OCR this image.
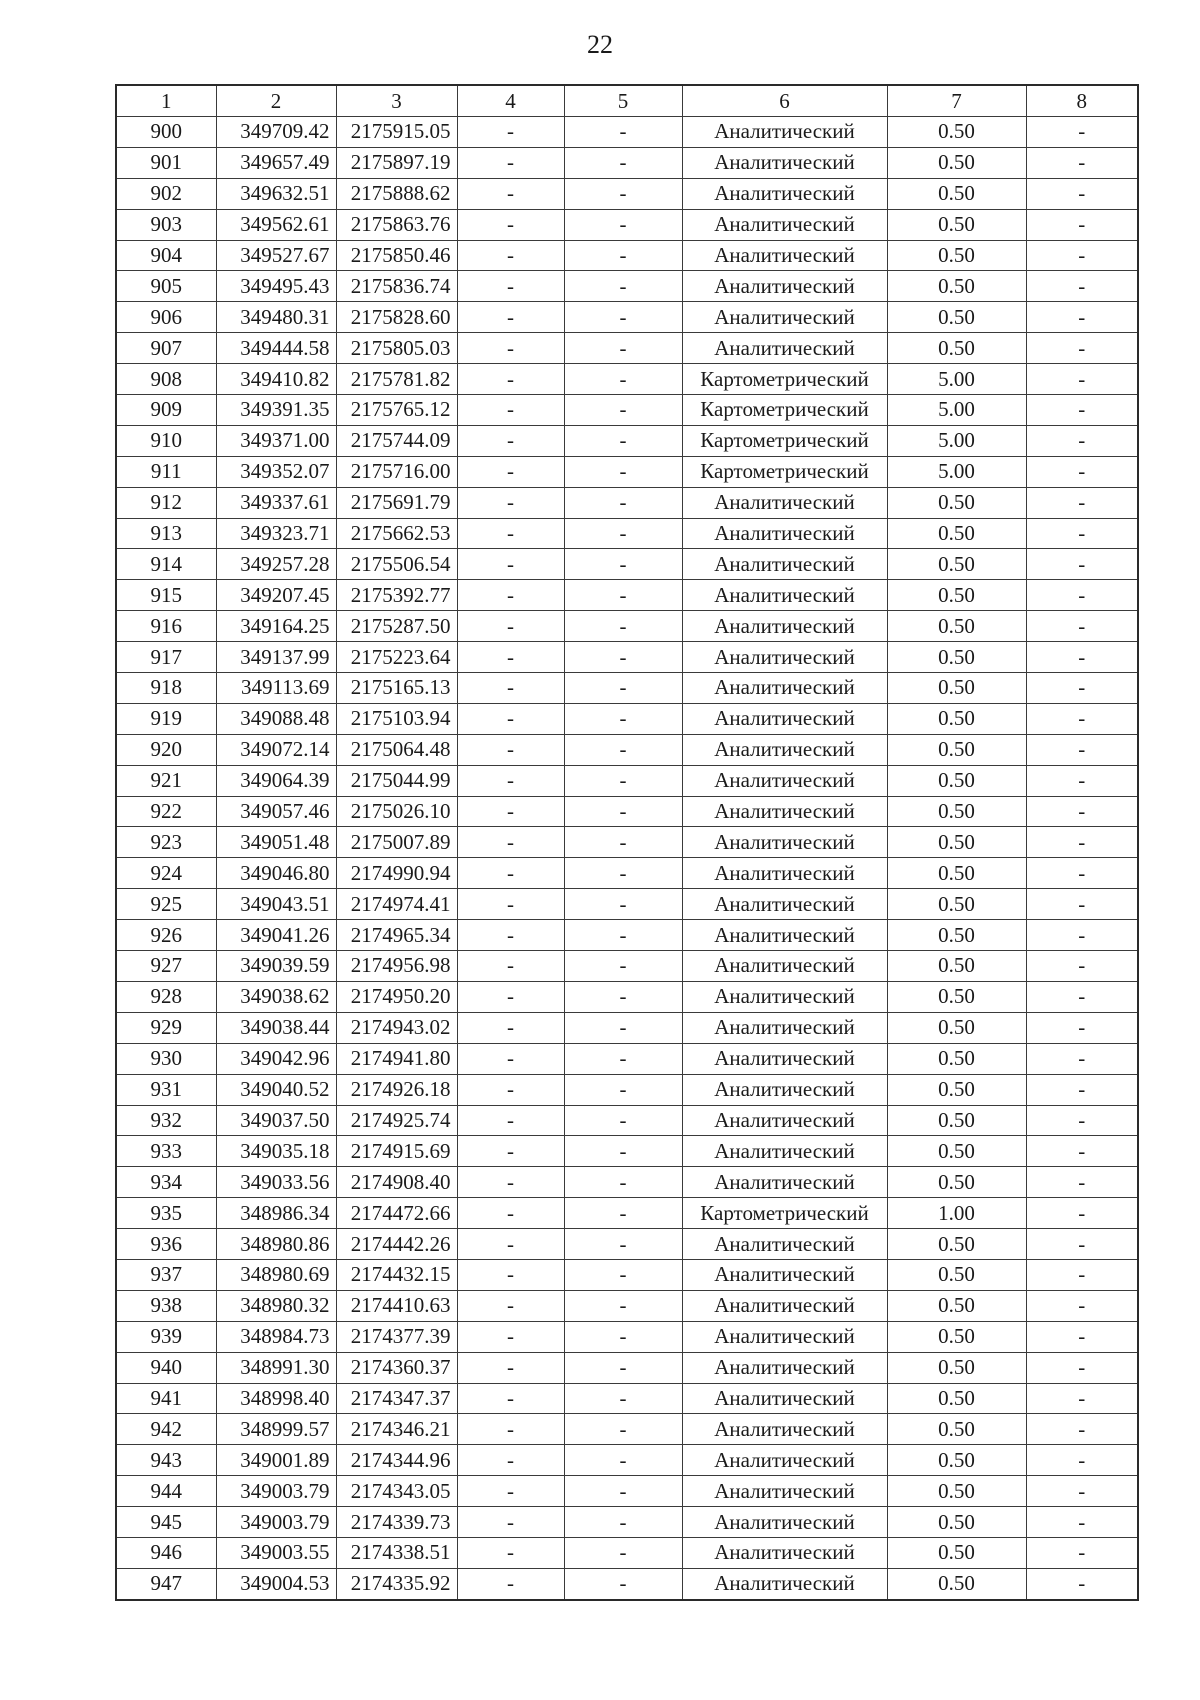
22
1	2	3	4	5	6	7	8
900	349709.42	2175915.05	-	-	Аналитический	0.50	-
901	349657.49	2175897.19	-	-	Аналитический	0.50	-
902	349632.51	2175888.62	-	-	Аналитический	0.50	-
903	349562.61	2175863.76	-	-	Аналитический	0.50	-
904	349527.67	2175850.46	-	-	Аналитический	0.50	-
905	349495.43	2175836.74	-	-	Аналитический	0.50	-
906	349480.31	2175828.60	-	-	Аналитический	0.50	-
907	349444.58	2175805.03	-	-	Аналитический	0.50	-
908	349410.82	2175781.82	-	-	Картометрический	5.00	-
909	349391.35	2175765.12	-	-	Картометрический	5.00	-
910	349371.00	2175744.09	-	-	Картометрический	5.00	-
911	349352.07	2175716.00	-	-	Картометрический	5.00	-
912	349337.61	2175691.79	-	-	Аналитический	0.50	-
913	349323.71	2175662.53	-	-	Аналитический	0.50	-
914	349257.28	2175506.54	-	-	Аналитический	0.50	-
915	349207.45	2175392.77	-	-	Аналитический	0.50	-
916	349164.25	2175287.50	-	-	Аналитический	0.50	-
917	349137.99	2175223.64	-	-	Аналитический	0.50	-
918	349113.69	2175165.13	-	-	Аналитический	0.50	-
919	349088.48	2175103.94	-	-	Аналитический	0.50	-
920	349072.14	2175064.48	-	-	Аналитический	0.50	-
921	349064.39	2175044.99	-	-	Аналитический	0.50	-
922	349057.46	2175026.10	-	-	Аналитический	0.50	-
923	349051.48	2175007.89	-	-	Аналитический	0.50	-
924	349046.80	2174990.94	-	-	Аналитический	0.50	-
925	349043.51	2174974.41	-	-	Аналитический	0.50	-
926	349041.26	2174965.34	-	-	Аналитический	0.50	-
927	349039.59	2174956.98	-	-	Аналитический	0.50	-
928	349038.62	2174950.20	-	-	Аналитический	0.50	-
929	349038.44	2174943.02	-	-	Аналитический	0.50	-
930	349042.96	2174941.80	-	-	Аналитический	0.50	-
931	349040.52	2174926.18	-	-	Аналитический	0.50	-
932	349037.50	2174925.74	-	-	Аналитический	0.50	-
933	349035.18	2174915.69	-	-	Аналитический	0.50	-
934	349033.56	2174908.40	-	-	Аналитический	0.50	-
935	348986.34	2174472.66	-	-	Картометрический	1.00	-
936	348980.86	2174442.26	-	-	Аналитический	0.50	-
937	348980.69	2174432.15	-	-	Аналитический	0.50	-
938	348980.32	2174410.63	-	-	Аналитический	0.50	-
939	348984.73	2174377.39	-	-	Аналитический	0.50	-
940	348991.30	2174360.37	-	-	Аналитический	0.50	-
941	348998.40	2174347.37	-	-	Аналитический	0.50	-
942	348999.57	2174346.21	-	-	Аналитический	0.50	-
943	349001.89	2174344.96	-	-	Аналитический	0.50	-
944	349003.79	2174343.05	-	-	Аналитический	0.50	-
945	349003.79	2174339.73	-	-	Аналитический	0.50	-
946	349003.55	2174338.51	-	-	Аналитический	0.50	-
947	349004.53	2174335.92	-	-	Аналитический	0.50	-
